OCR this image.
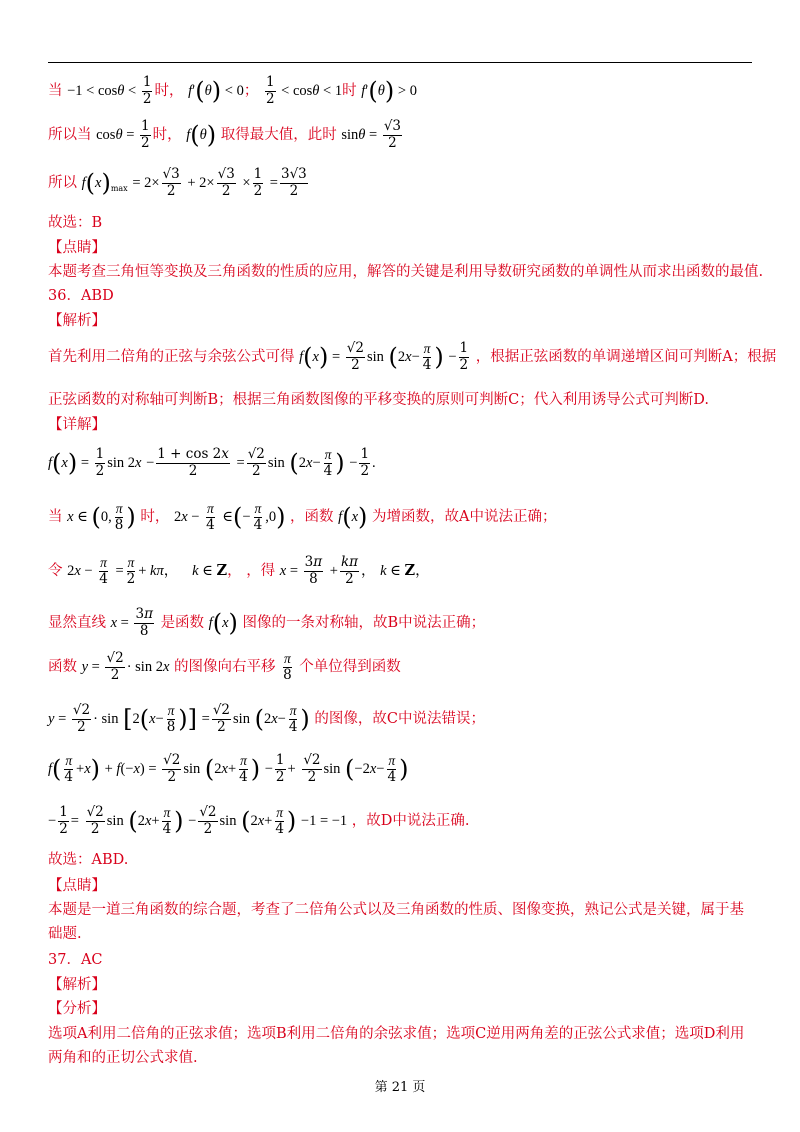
当 $-1 < \cos\theta < \frac{1}{2}$ 时， f′(θ) < 0； $\frac{1}{2} < \cos\theta < 1$时 f′(θ) > 0
所以当 $\cos\theta = \frac{1}{2}$ 时， f(θ) 取得最大值，此时 $\sin\theta = \frac{√3}{2}$
所以 $f(x)_{max} = 2\times \frac{√3}{2} + 2\times \frac{√3}{2} \times \frac{1}{2} = \frac{3√3}{2}$
故选：B
【点睛】
本题考查三角恒等变换及三角函数的性质的应用，解答的关键是利用导数研究函数的单调性从而求出函数的最值.
36．ABD
【解析】
首先利用二倍角的正弦与余弦公式可得 $f(x) = \frac{√2}{2}$ $\sin (2x- \frac{\pi}{4}$ ) − $\frac{1}{2}$ ，根据正弦函数的单调递增区间可判断A；根据
正弦函数的对称轴可判断B；根据三角函数图像的平移变换的原则可判断C；代入利用诱导公式可判断D.
【详解】
$f(x) = \frac{1}{2}$ $\sin 2x - \frac{1 + \cos 2x}{2} = \frac{√2}{2}$ $\sin (2x- \frac{\pi}{4}$ ) − $\frac{1}{2}$ .
当 x ∈ (0, $\frac{\pi}{8}$ ) 时， $2x - \frac{\pi}{4}$ ∈(− $\frac{\pi}{4} ,0$) ，函数 f(x) 为增函数，故A中说法正确；
令 $2x - \frac{\pi}{4} = \frac{\pi}{2} + k\pi$， k ∈ Z， ，得 $x = \frac{3\pi}{8} + \frac{k\pi}{2}$ ， k ∈ Z，
显然直线 $x = \frac{3\pi}{8}$ 是函数 f(x) 图像的一条对称轴，故B中说法正确；
函数 $y = \frac{√2}{2} \cdot \sin 2x$ 的图像向右平移 $\frac{\pi}{8}$ 个单位得到函数
$y = \frac{√2}{2} \cdot \sin [2(x- \frac{\pi}{8}$ )] = $\frac{√2}{2}$ $\sin (2x- \frac{\pi}{4}$ ) 的图像，故C中说法错误；
$f( \frac{\pi}{4} +x) + f(-x) = \frac{√2}{2}$ $\sin (2x+ \frac{\pi}{4}$ ) − $\frac{1}{2} + \frac{√2}{2}$ $\sin (-2x- \frac{\pi}{4}$ )
− $\frac{1}{2} = \frac{√2}{2}$ $\sin (2x+ \frac{\pi}{4}$ ) − $\frac{√2}{2}$ $\sin (2x+ \frac{\pi}{4}$ ) −1 = −1 ，故D中说法正确.
故选：ABD.
【点睛】
本题是一道三角函数的综合题，考查了二倍角公式以及三角函数的性质、图像变换，熟记公式是关键，属于基础题.
37．AC
【解析】
【分析】
选项A利用二倍角的正弦求值；选项B利用二倍角的余弦求值；选项C逆用两角差的正弦公式求值；选项D利用两角和的正切公式求值.
第 21 页
